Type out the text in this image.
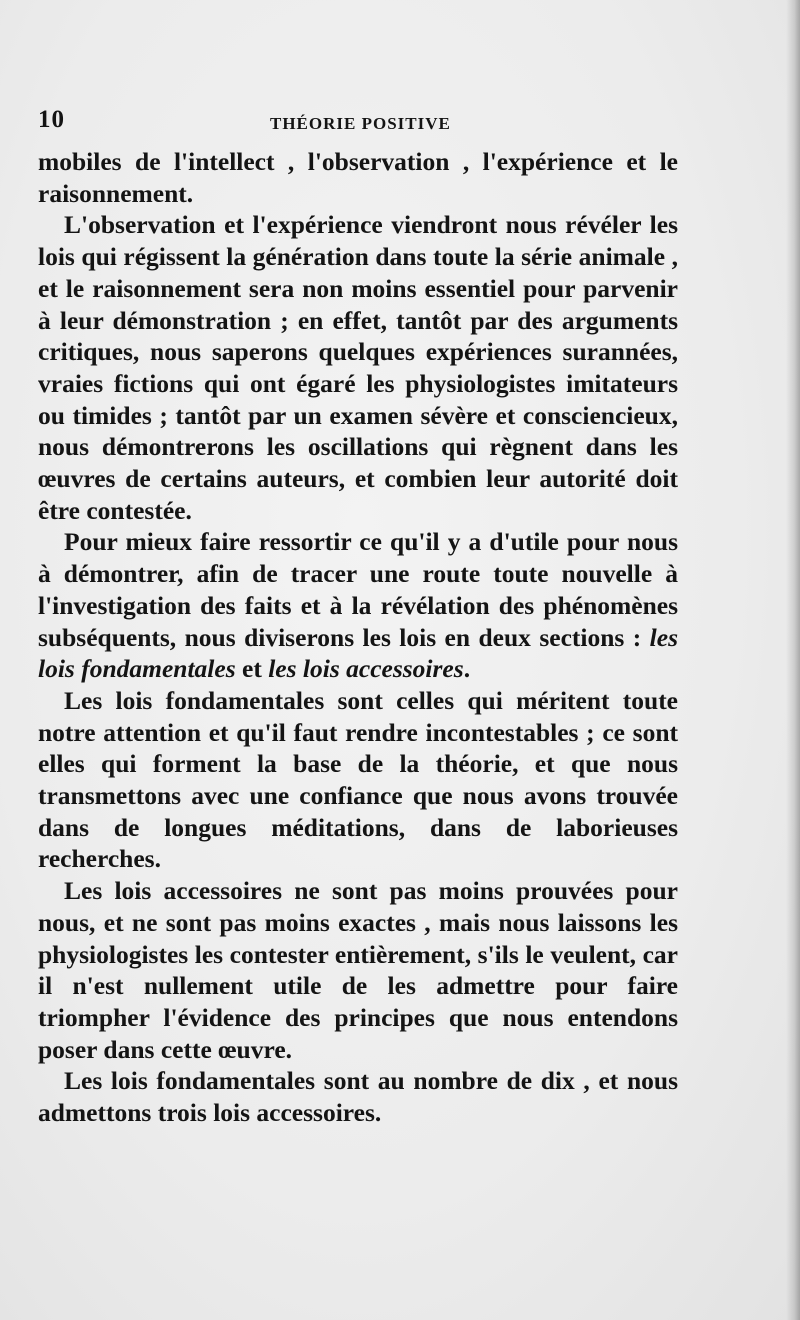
10	THÉORIE POSITIVE

mobiles de l'intellect , l'observation , l'expérience et le raisonnement.

L'observation et l'expérience viendront nous révéler les lois qui régissent la génération dans toute la série animale , et le raisonnement sera non moins essentiel pour parvenir à leur démonstration ; en effet, tantôt par des arguments critiques, nous saperons quelques expériences surannées, vraies fictions qui ont égaré les physiologistes imitateurs ou timides ; tantôt par un examen sévère et consciencieux, nous démontrerons les oscillations qui règnent dans les œuvres de certains auteurs, et combien leur autorité doit être contestée.

Pour mieux faire ressortir ce qu'il y a d'utile pour nous à démontrer, afin de tracer une route toute nouvelle à l'investigation des faits et à la révélation des phénomènes subséquents, nous diviserons les lois en deux sections : les lois fondamentales et les lois accessoires.

Les lois fondamentales sont celles qui méritent toute notre attention et qu'il faut rendre incontestables ; ce sont elles qui forment la base de la théorie, et que nous transmettons avec une confiance que nous avons trouvée dans de longues méditations, dans de laborieuses recherches.

Les lois accessoires ne sont pas moins prouvées pour nous, et ne sont pas moins exactes , mais nous laissons les physiologistes les contester entièrement, s'ils le veulent, car il n'est nullement utile de les admettre pour faire triompher l'évidence des principes que nous entendons poser dans cette œuvre.

Les lois fondamentales sont au nombre de dix , et nous admettons trois lois accessoires.
